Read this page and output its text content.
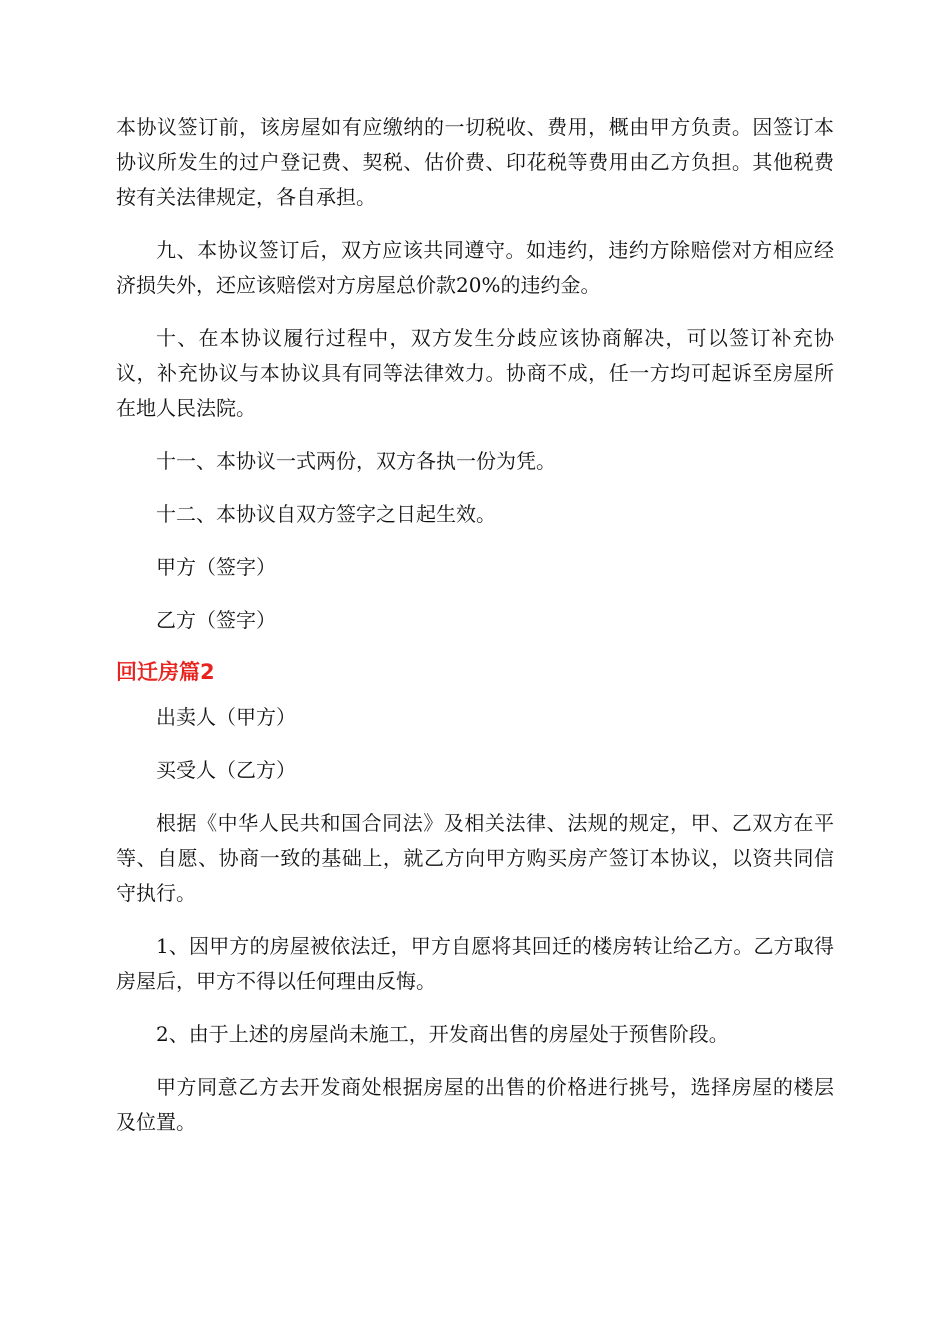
本协议签订前，该房屋如有应缴纳的一切税收、费用，概由甲方负责。因签订本协议所发生的过户登记费、契税、估价费、印花税等费用由乙方负担。其他税费按有关法律规定，各自承担。

九、本协议签订后，双方应该共同遵守。如违约，违约方除赔偿对方相应经济损失外，还应该赔偿对方房屋总价款20%的违约金。

十、在本协议履行过程中，双方发生分歧应该协商解决，可以签订补充协议，补充协议与本协议具有同等法律效力。协商不成，任一方均可起诉至房屋所在地人民法院。

十一、本协议一式两份，双方各执一份为凭。

十二、本协议自双方签字之日起生效。

甲方（签字）

乙方（签字）

回迁房篇2

出卖人（甲方）

买受人（乙方）

根据《中华人民共和国合同法》及相关法律、法规的规定，甲、乙双方在平等、自愿、协商一致的基础上，就乙方向甲方购买房产签订本协议，以资共同信守执行。

1、因甲方的房屋被依法迁，甲方自愿将其回迁的楼房转让给乙方。乙方取得房屋后，甲方不得以任何理由反悔。

2、由于上述的房屋尚未施工，开发商出售的房屋处于预售阶段。

甲方同意乙方去开发商处根据房屋的出售的价格进行挑号，选择房屋的楼层及位置。
